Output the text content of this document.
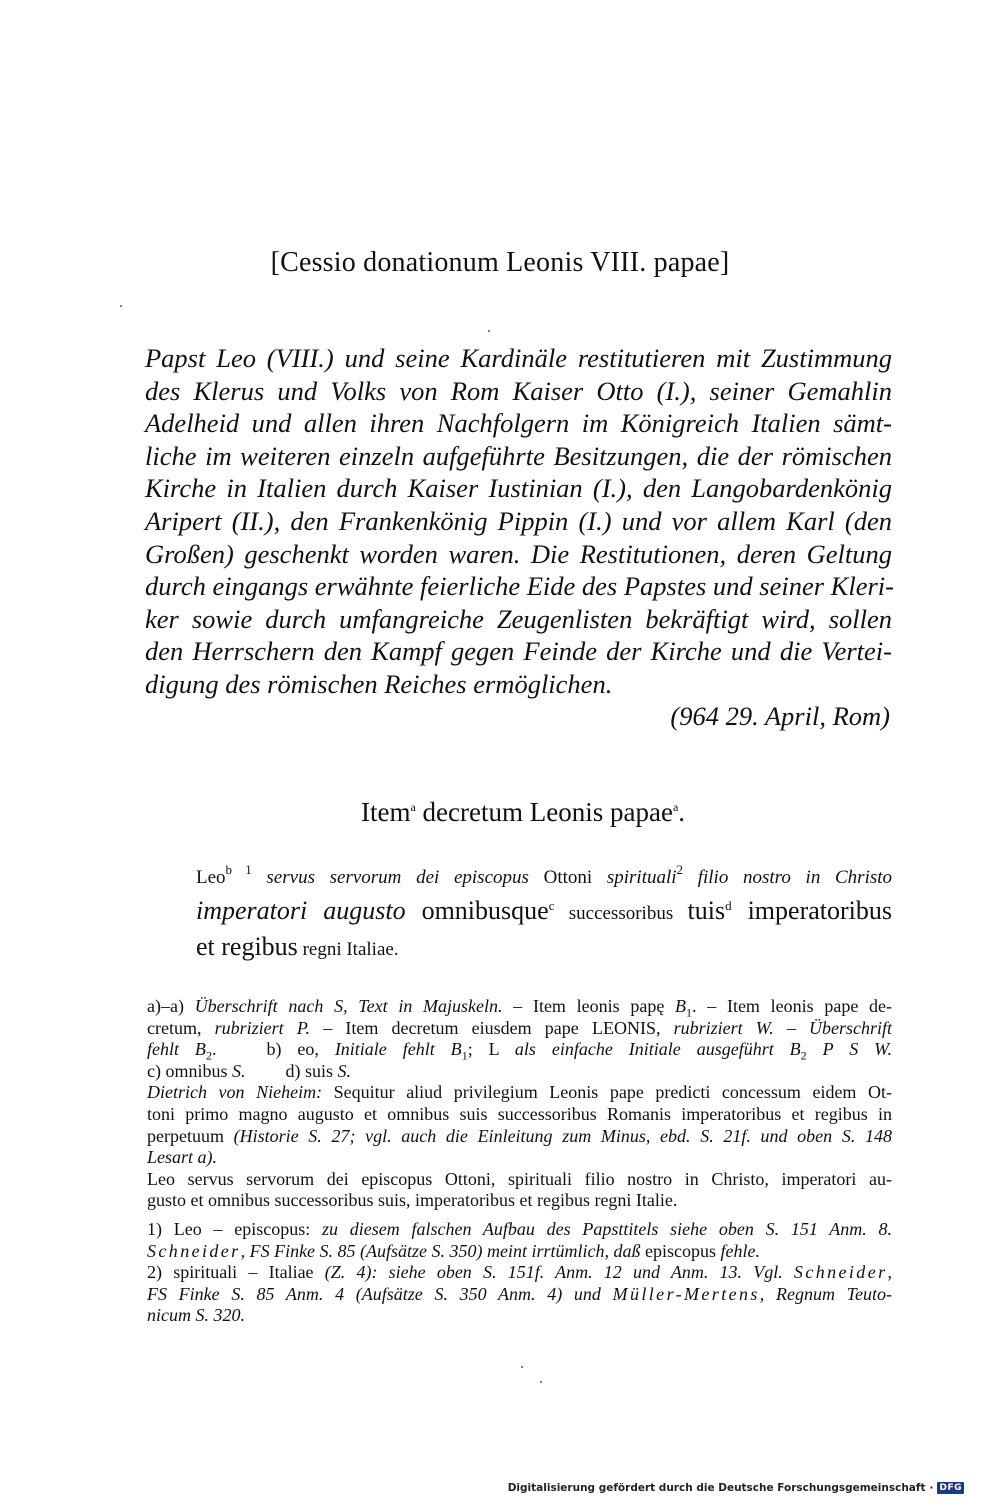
[Cessio donationum Leonis VIII. papae]
Papst Leo (VIII.) und seine Kardinäle restitutieren mit Zustimmung
des Klerus und Volks von Rom Kaiser Otto (I.), seiner Gemahlin
Adelheid und allen ihren Nachfolgern im Königreich Italien sämt-
liche im weiteren einzeln aufgeführte Besitzungen, die der römischen
Kirche in Italien durch Kaiser Iustinian (I.), den Langobardenkönig
Aripert (II.), den Frankenkönig Pippin (I.) und vor allem Karl (den
Großen) geschenkt worden waren. Die Restitutionen, deren Geltung
durch eingangs erwähnte feierliche Eide des Papstes und seiner Kleri-
ker sowie durch umfangreiche Zeugenlisten bekräftigt wird, sollen
den Herrschern den Kampf gegen Feinde der Kirche und die Vertei-
digung des römischen Reiches ermöglichen.
(964 29. April, Rom)
Item$^a$ decretum Leonis papae$^a$.
Leo$^{b 1}$ servus servorum dei episcopus Ottoni spirituali$^2$ filio nostro in Christo
imperatori augusto omnibusque$^c$ successoribus tuis$^d$ imperatoribus
et regibus regni Italiae.
a)–a) Überschrift nach S, Text in Majuskeln. – Item leonis papę $B_1$. – Item leonis pape de-
cretum, rubriziert P. – Item decretum eiusdem pape LEONIS, rubriziert W. – Überschrift
fehlt $B_2$.	b) eo, Initiale fehlt $B_1$; L als einfache Initiale ausgeführt $B_2$ P S W.
c) omnibus S. d) suis S.
Dietrich von Nieheim: Sequitur aliud privilegium Leonis pape predicti concessum eidem Ot-
toni primo magno augusto et omnibus suis successoribus Romanis imperatoribus et regibus in
perpetuum (Historie S. 27; vgl. auch die Einleitung zum Minus, ebd. S. 21f. und oben S. 148
Lesart a).
Leo servus servorum dei episcopus Ottoni, spirituali filio nostro in Christo, imperatori au-
gusto et omnibus successoribus suis, imperatoribus et regibus regni Italie.
1) Leo – episcopus: zu diesem falschen Aufbau des Papsttitels siehe oben S. 151 Anm. 8.
Schneider, FS Finke S. 85 (Aufsätze S. 350) meint irrtümlich, daß episcopus fehle.
2) spirituali – Italiae (Z. 4): siehe oben S. 151f. Anm. 12 und Anm. 13. Vgl. Schneider,
FS Finke S. 85 Anm. 4 (Aufsätze S. 350 Anm. 4) und Müller-Mertens, Regnum Teuto-
nicum S. 320.
Digitalisierung gefördert durch die Deutsche Forschungsgemeinschaft · DFG
